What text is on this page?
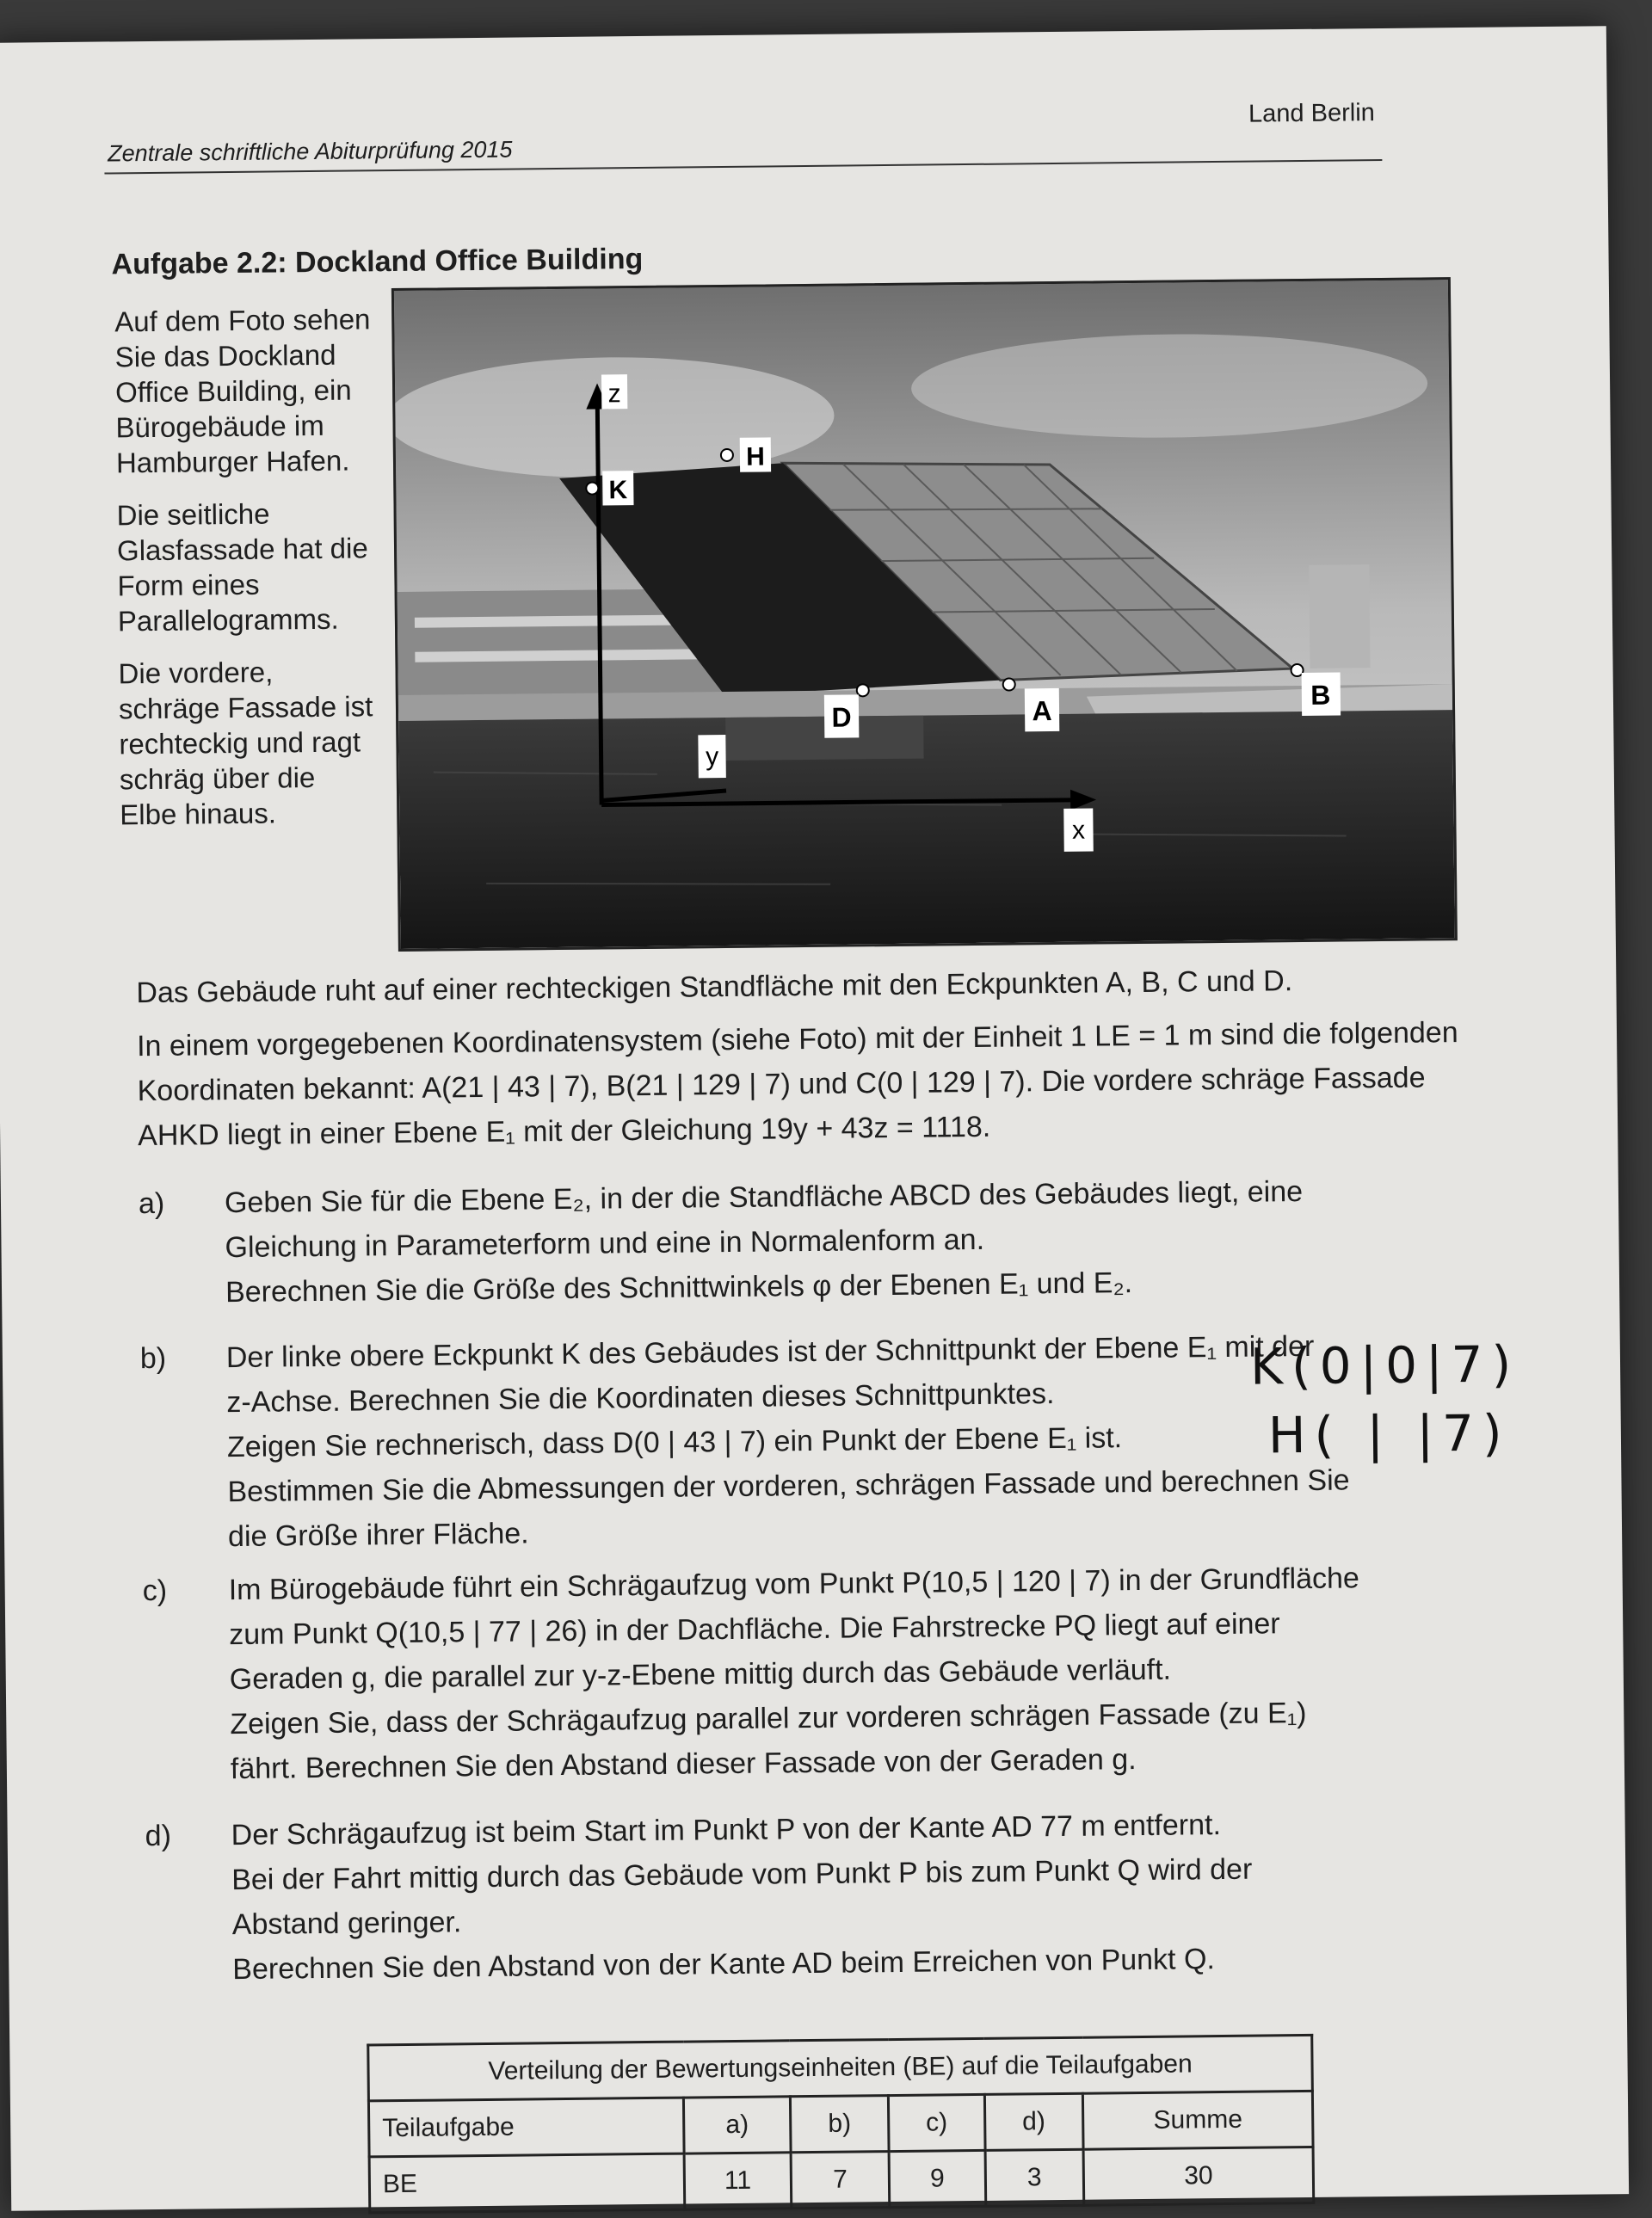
Zentrale schriftliche Abiturprüfung 2015
Land Berlin
Aufgabe 2.2: Dockland Office Building

Auf dem Foto sehen Sie das Dockland Office Building, ein Bürogebäude im Hamburger Hafen.

Die seitliche Glasfassade hat die Form eines Parallelogramms.

Die vordere, schräge Fassade ist rechteckig und ragt schräg über die Elbe hinaus.

z
K
H
D	A
B
y
x

Das Gebäude ruht auf einer rechteckigen Standfläche mit den Eckpunkten A, B, C und D.

In einem vorgegebenen Koordinatensystem (siehe Foto) mit der Einheit 1 LE = 1 m sind die folgenden Koordinaten bekannt: A(21 | 43 | 7), B(21 | 129 | 7) und C(0 | 129 | 7). Die vordere schräge Fassade AHKD liegt in einer Ebene E₁ mit der Gleichung 19y + 43z = 1118.

a)	Geben Sie für die Ebene E₂, in der die Standfläche ABCD des Gebäudes liegt, eine
Gleichung in Parameterform und eine in Normalenform an.
Berechnen Sie die Größe des Schnittwinkels φ der Ebenen E₁ und E₂.
b)	Der linke obere Eckpunkt K des Gebäudes ist der Schnittpunkt der Ebene E₁ mit der
z-Achse. Berechnen Sie die Koordinaten dieses Schnittpunktes.
Zeigen Sie rechnerisch, dass D(0 | 43 | 7) ein Punkt der Ebene E₁ ist.
Bestimmen Sie die Abmessungen der vorderen, schrägen Fassade und berechnen Sie
die Größe ihrer Fläche.
K(0|0|7)
H( | |7)
c)	Im Bürogebäude führt ein Schrägaufzug vom Punkt P(10,5 | 120 | 7) in der Grundfläche
zum Punkt Q(10,5 | 77 | 26) in der Dachfläche. Die Fahrstrecke PQ liegt auf einer
Geraden g, die parallel zur y-z-Ebene mittig durch das Gebäude verläuft.
Zeigen Sie, dass der Schrägaufzug parallel zur vorderen schrägen Fassade (zu E₁)
fährt. Berechnen Sie den Abstand dieser Fassade von der Geraden g.
d)	Der Schrägaufzug ist beim Start im Punkt P von der Kante AD 77 m entfernt.
Bei der Fahrt mittig durch das Gebäude vom Punkt P bis zum Punkt Q wird der
Abstand geringer.
Berechnen Sie den Abstand von der Kante AD beim Erreichen von Punkt Q.
Verteilung der Bewertungseinheiten (BE) auf die Teilaufgaben					
Teilaufgabe	a)	b)	c)	d)	Summe
BE	11	7	9	3	30
